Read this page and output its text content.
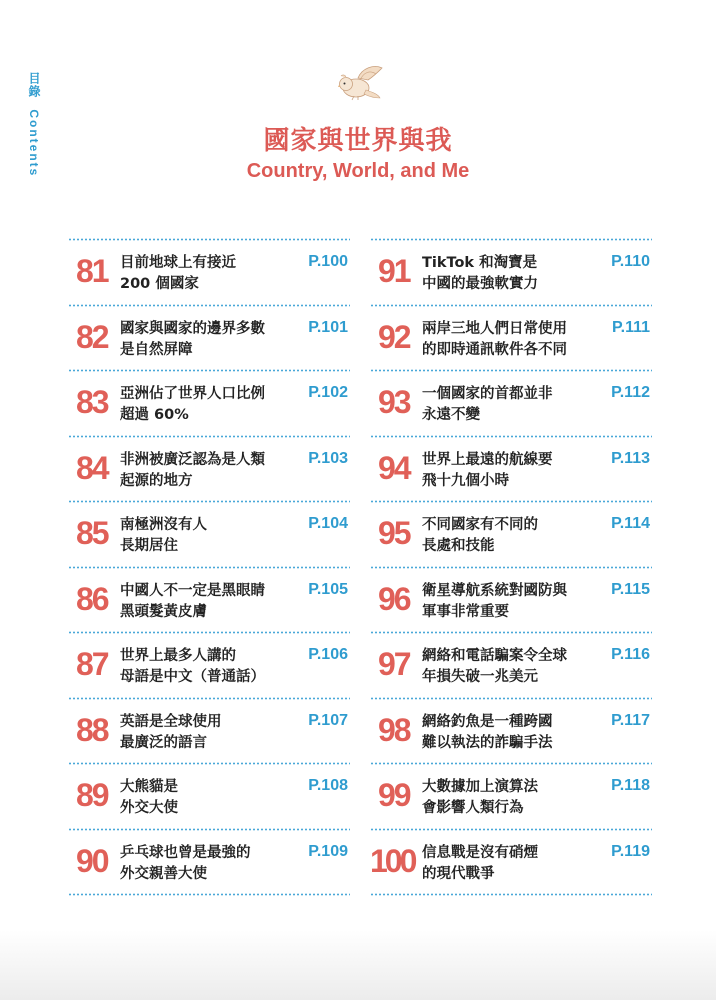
目錄 Contents	國家與世界與我
Country, World, and Me
81 目前地球上有接近
200 個國家
P.100
82 國家與國家的邊界多數
是自然屏障
P.101
83 亞洲佔了世界人口比例
超過 60%
P.102
84 非洲被廣泛認為是人類
起源的地方
P.103
85 南極洲沒有人
長期居住
P.104
86 中國人不一定是黑眼睛
黑頭髮黃皮膚
P.105
87 世界上最多人講的
母語是中文（普通話）
P.106
88 英語是全球使用
最廣泛的語言
P.107
89 大熊貓是
外交大使
P.108
90 乒乓球也曾是最強的
外交親善大使
P.109
91 TikTok 和淘寶是
中國的最強軟實力
P.110
92 兩岸三地人們日常使用
的即時通訊軟件各不同
P.111
93 一個國家的首都並非
永遠不變
P.112
94 世界上最遠的航線要
飛十九個小時
P.113
95 不同國家有不同的
長處和技能
P.114
96 衛星導航系統對國防與
軍事非常重要
P.115
97 網絡和電話騙案令全球
年損失破一兆美元
P.116
98 網絡釣魚是一種跨國
難以執法的詐騙手法
P.117
99 大數據加上演算法
會影響人類行為
P.118
100 信息戰是沒有硝煙
的現代戰爭
P.119
